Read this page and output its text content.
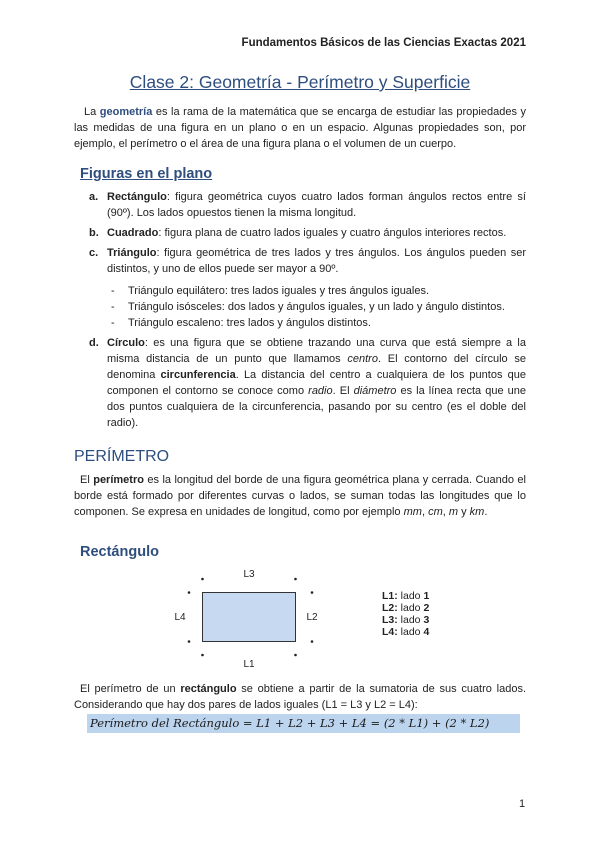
Fundamentos Básicos de las Ciencias Exactas 2021
Clase 2: Geometría - Perímetro y Superficie
La geometría es la rama de la matemática que se encarga de estudiar las propiedades y las medidas de una figura en un plano o en un espacio. Algunas propiedades son, por ejemplo, el perímetro o el área de una figura plana o el volumen de un cuerpo.
Figuras en el plano
a. Rectángulo: figura geométrica cuyos cuatro lados forman ángulos rectos entre sí (90º). Los lados opuestos tienen la misma longitud.
b. Cuadrado: figura plana de cuatro lados iguales y cuatro ángulos interiores rectos.
c. Triángulo: figura geométrica de tres lados y tres ángulos. Los ángulos pueden ser distintos, y uno de ellos puede ser mayor a 90º.
- Triángulo equilátero: tres lados iguales y tres ángulos iguales.
- Triángulo isósceles: dos lados y ángulos iguales, y un lado y ángulo distintos.
- Triángulo escaleno: tres lados y ángulos distintos.
d. Círculo: es una figura que se obtiene trazando una curva que está siempre a la misma distancia de un punto que llamamos centro. El contorno del círculo se denomina circunferencia. La distancia del centro a cualquiera de los puntos que componen el contorno se conoce como radio. El diámetro es la línea recta que une dos puntos cualquiera de la circunferencia, pasando por su centro (es el doble del radio).
PERÍMETRO
El perímetro es la longitud del borde de una figura geométrica plana y cerrada. Cuando el borde está formado por diferentes curvas o lados, se suman todas las longitudes que lo componen. Se expresa en unidades de longitud, como por ejemplo mm, cm, m y km.
Rectángulo
L3
L2
L4
L1
L1: lado 1
L2: lado 2
L3: lado 3
L4: lado 4
El perímetro de un rectángulo se obtiene a partir de la sumatoria de sus cuatro lados. Considerando que hay dos pares de lados iguales (L1 = L3 y L2 = L4):
Perímetro del Rectángulo = L1 + L2 + L3 + L4 = (2 * L1) + (2 * L2)
1
